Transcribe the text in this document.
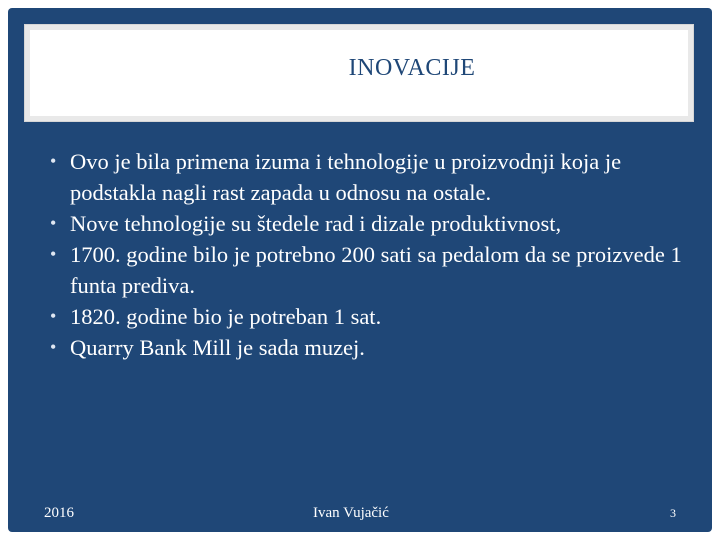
INOVACIJE
• Ovo je bila primena izuma i tehnologije u proizvodnji koja je podstakla nagli rast zapada u odnosu na ostale.
• Nove tehnologije su štedele rad i dizale produktivnost,
• 1700. godine bilo je potrebno 200 sati sa pedalom da se proizvede 1 funta prediva.
• 1820. godine bio je potreban 1 sat.
• Quarry Bank Mill je sada muzej.
2016	Ivan Vujačić	3
